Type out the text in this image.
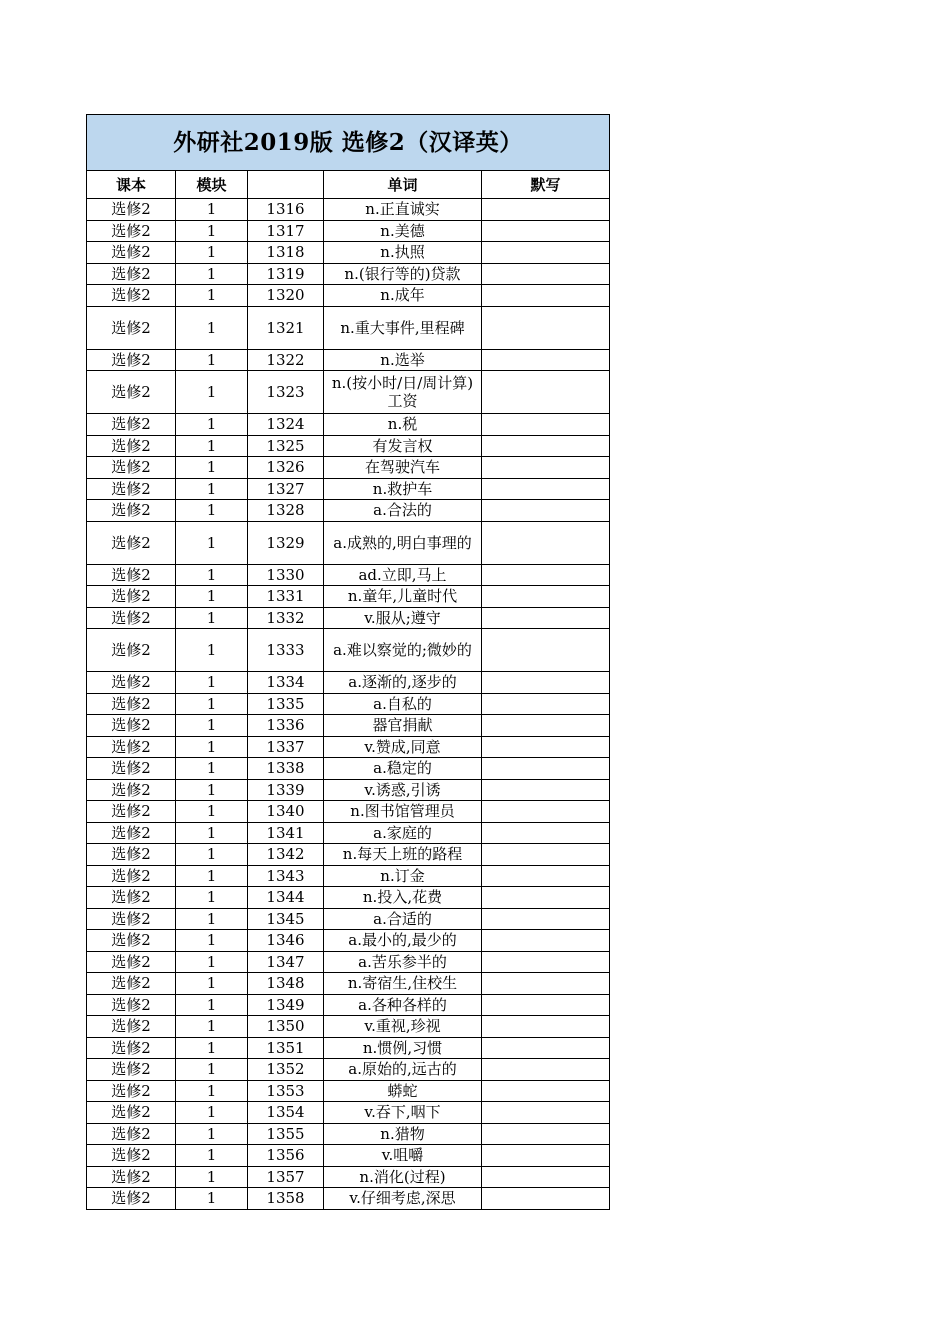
外研社2019版 选修2（汉译英）				
课本	模块		单词	默写
选修2	1	1316	n.正直诚实	
选修2	1	1317	n.美德	
选修2	1	1318	n.执照	
选修2	1	1319	n.(银行等的)贷款	
选修2	1	1320	n.成年	
选修2	1	1321	n.重大事件,里程碑	
选修2	1	1322	n.选举	
选修2	1	1323	n.(按小时/日/周计算)工资	
选修2	1	1324	n.税	
选修2	1	1325	有发言权	
选修2	1	1326	在驾驶汽车	
选修2	1	1327	n.救护车	
选修2	1	1328	a.合法的	
选修2	1	1329	a.成熟的,明白事理的	
选修2	1	1330	ad.立即,马上	
选修2	1	1331	n.童年,儿童时代	
选修2	1	1332	v.服从;遵守	
选修2	1	1333	a.难以察觉的;微妙的	
选修2	1	1334	a.逐渐的,逐步的	
选修2	1	1335	a.自私的	
选修2	1	1336	器官捐献	
选修2	1	1337	v.赞成,同意	
选修2	1	1338	a.稳定的	
选修2	1	1339	v.诱惑,引诱	
选修2	1	1340	n.图书馆管理员	
选修2	1	1341	a.家庭的	
选修2	1	1342	n.每天上班的路程	
选修2	1	1343	n.订金	
选修2	1	1344	n.投入,花费	
选修2	1	1345	a.合适的	
选修2	1	1346	a.最小的,最少的	
选修2	1	1347	a.苦乐参半的	
选修2	1	1348	n.寄宿生,住校生	
选修2	1	1349	a.各种各样的	
选修2	1	1350	v.重视,珍视	
选修2	1	1351	n.惯例,习惯	
选修2	1	1352	a.原始的,远古的	
选修2	1	1353	蟒蛇	
选修2	1	1354	v.吞下,咽下	
选修2	1	1355	n.猎物	
选修2	1	1356	v.咀嚼	
选修2	1	1357	n.消化(过程)	
选修2	1	1358	v.仔细考虑,深思	
